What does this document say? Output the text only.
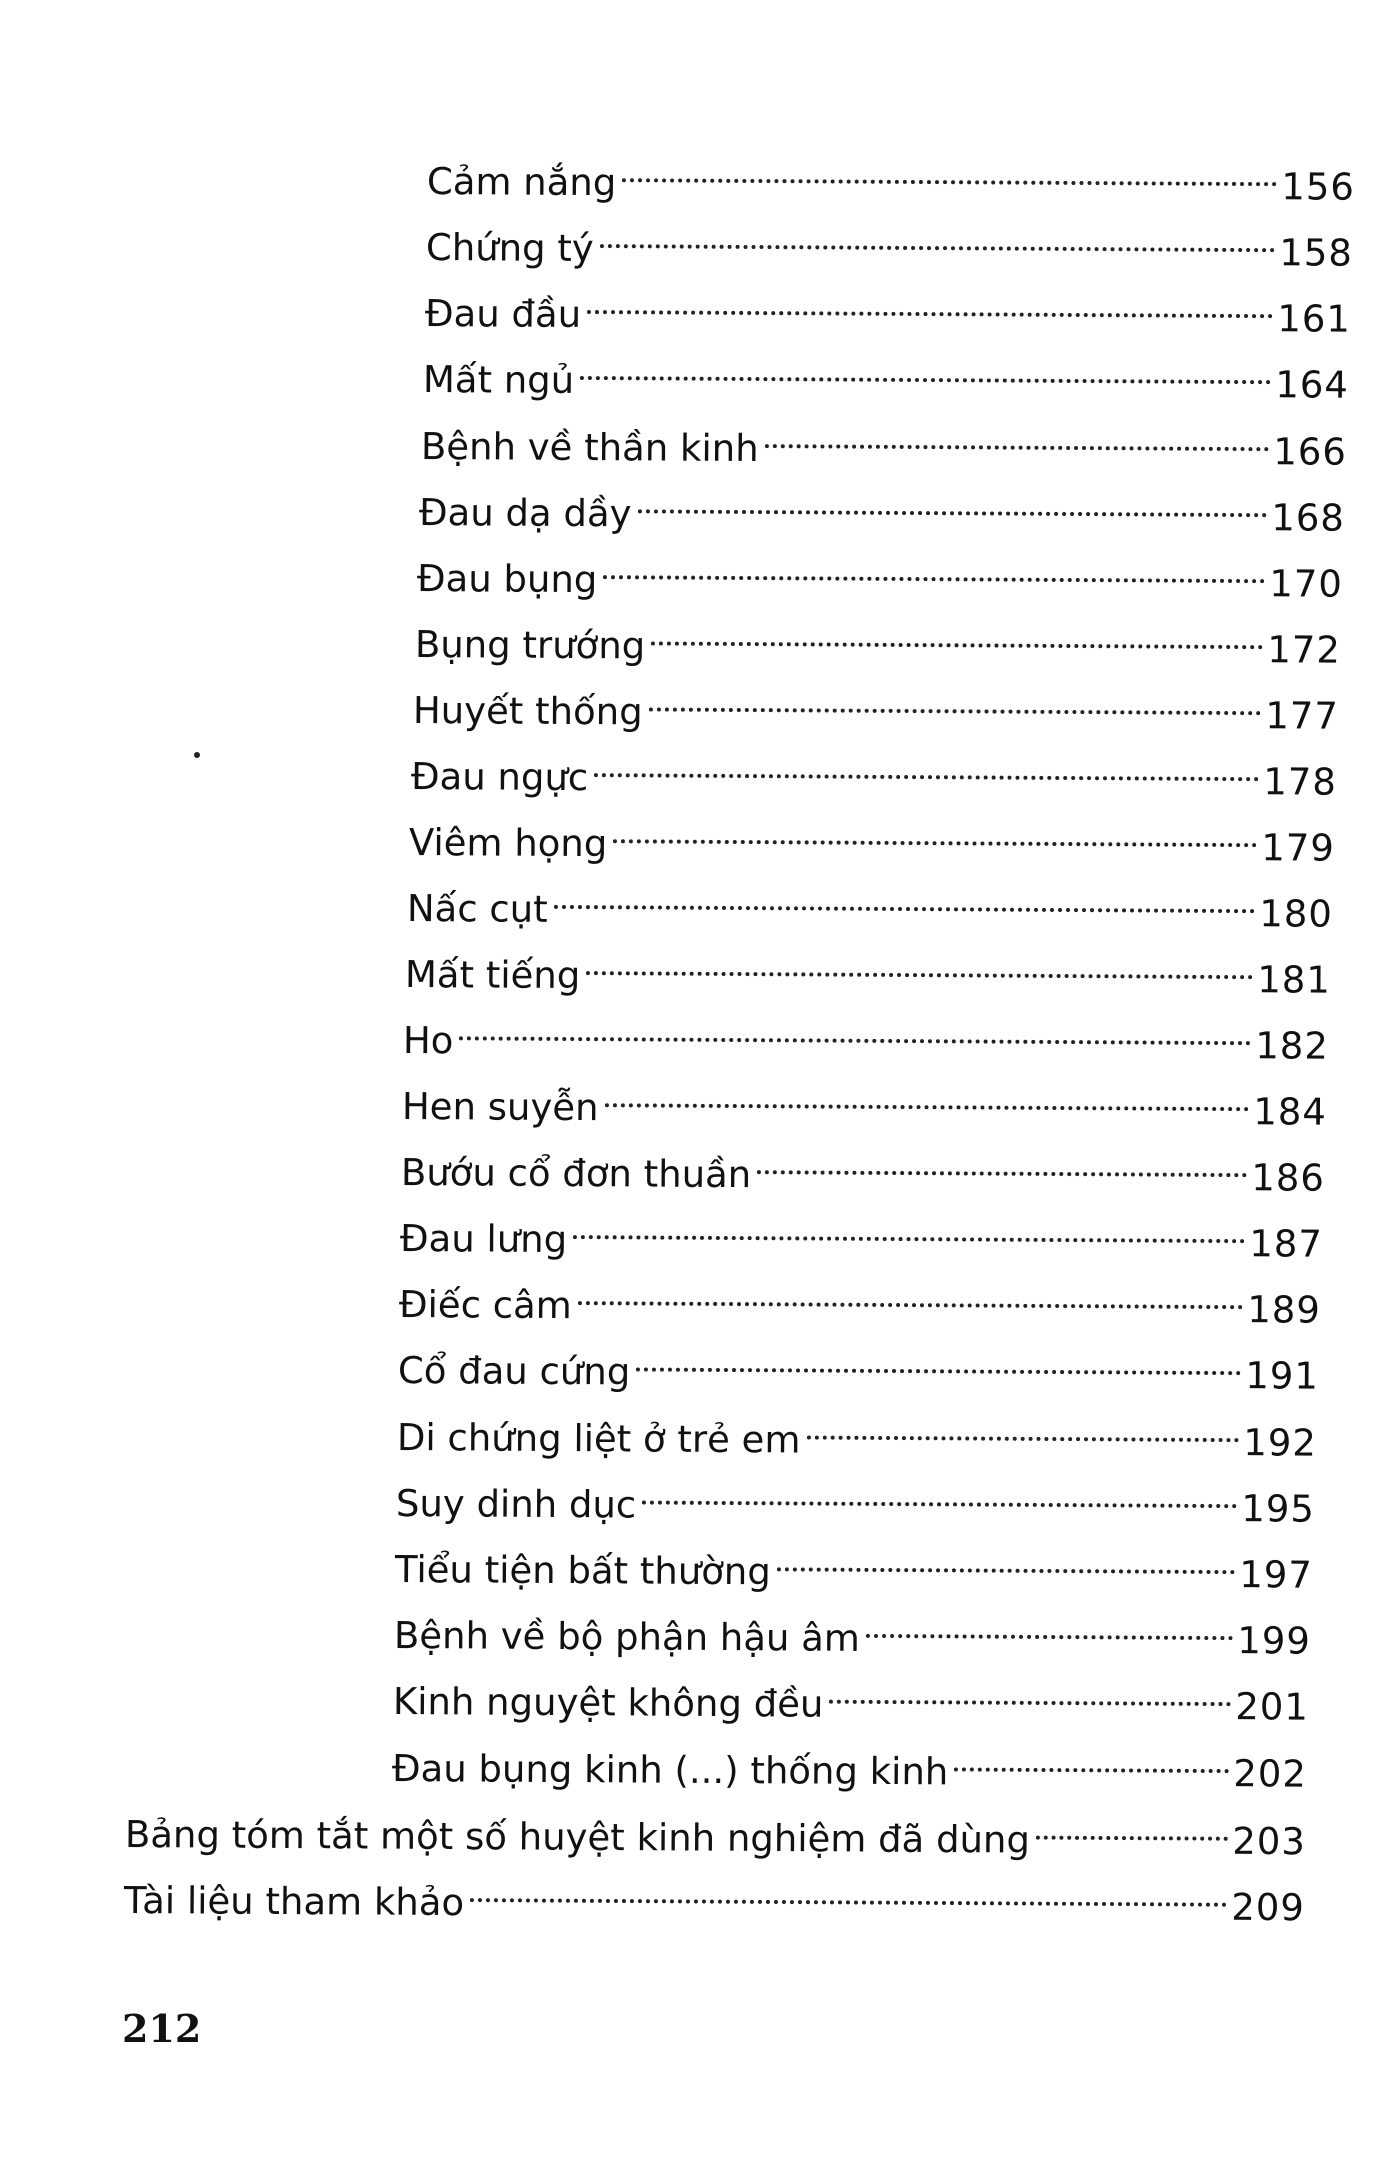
Cảm nắng	156
Chứng tý	158
Đau đầu	161
Mất ngủ	164
Bệnh về thần kinh	166
Đau dạ dầy	168
Đau bụng	170
Bụng trướng	172
Huyết thống	177
Đau ngực	178
Viêm họng	179
Nấc cụt	180
Mất tiếng	181
Ho	182
Hen suyễn	184
Bướu cổ đơn thuần	186
Đau lưng	187
Điếc câm	189
Cổ đau cứng	191
Di chứng liệt ở trẻ em	192
Suy dinh dục	195
Tiểu tiện bất thường	197
Bệnh về bộ phận hậu âm	199
Kinh nguyệt không đều	201
Đau bụng kinh (...) thống kinh	202
Bảng tóm tắt một số huyệt kinh nghiệm đã dùng	203
Tài liệu tham khảo	209
212
